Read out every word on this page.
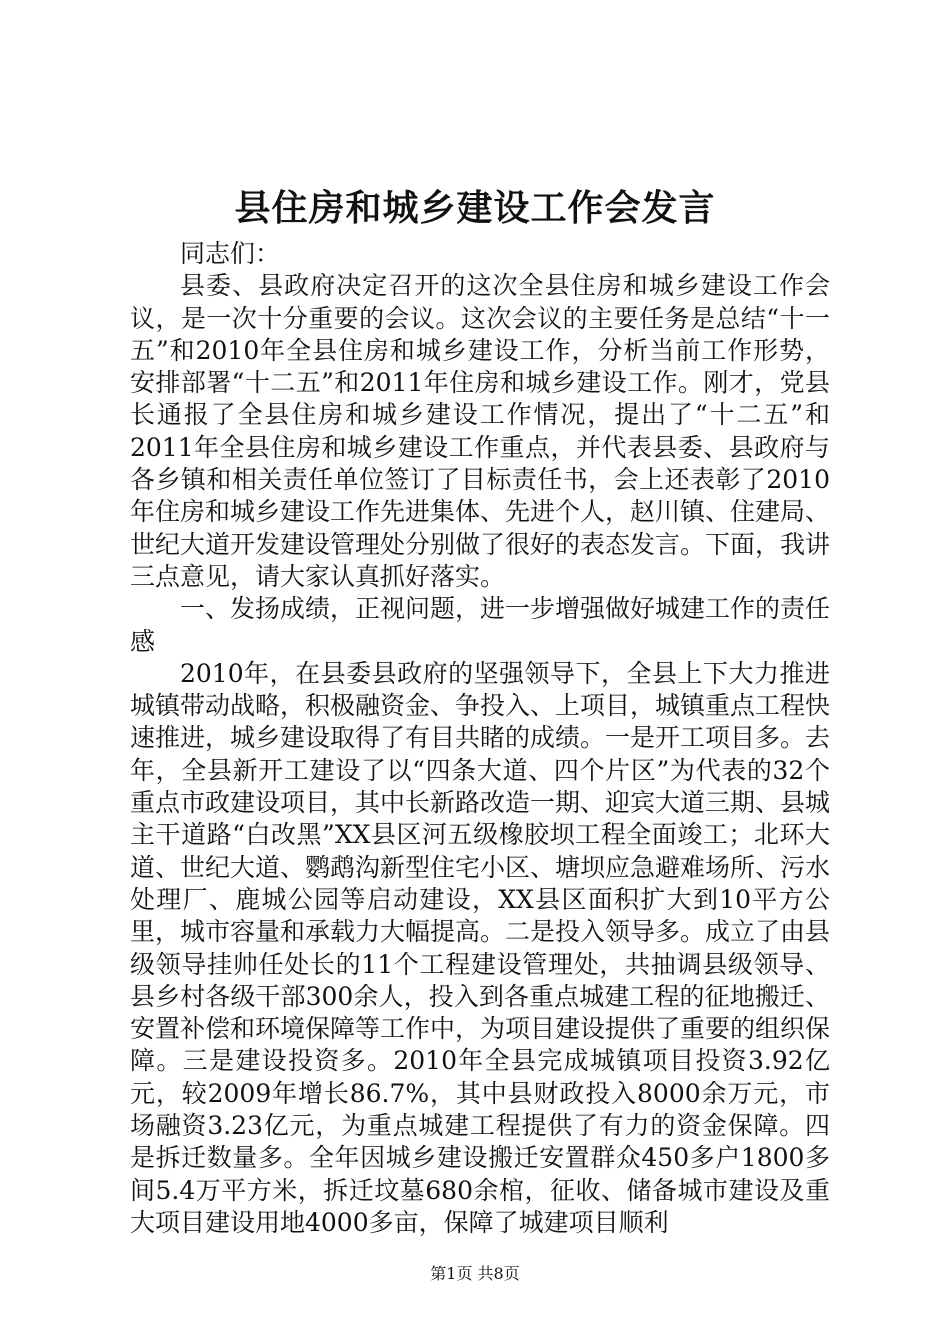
县住房和城乡建设工作会发言

同志们：

县委、县政府决定召开的这次全县住房和城乡建设工作会议，是一次十分重要的会议。这次会议的主要任务是总结“十一五”和2010年全县住房和城乡建设工作，分析当前工作形势，安排部署“十二五”和2011年住房和城乡建设工作。刚才，党县长通报了全县住房和城乡建设工作情况，提出了“十二五”和2011年全县住房和城乡建设工作重点，并代表县委、县政府与各乡镇和相关责任单位签订了目标责任书，会上还表彰了2010年住房和城乡建设工作先进集体、先进个人，赵川镇、住建局、世纪大道开发建设管理处分别做了很好的表态发言。下面，我讲三点意见，请大家认真抓好落实。

一、发扬成绩，正视问题，进一步增强做好城建工作的责任感

2010年，在县委县政府的坚强领导下，全县上下大力推进城镇带动战略，积极融资金、争投入、上项目，城镇重点工程快速推进，城乡建设取得了有目共睹的成绩。一是开工项目多。去年，全县新开工建设了以“四条大道、四个片区”为代表的32个重点市政建设项目，其中长新路改造一期、迎宾大道三期、县城主干道路“白改黑”XX县区河五级橡胶坝工程全面竣工；北环大道、世纪大道、鹦鹉沟新型住宅小区、塘坝应急避难场所、污水处理厂、鹿城公园等启动建设，XX县区面积扩大到10平方公里，城市容量和承载力大幅提高。二是投入领导多。成立了由县级领导挂帅任处长的11个工程建设管理处，共抽调县级领导、县乡村各级干部300余人，投入到各重点城建工程的征地搬迁、安置补偿和环境保障等工作中，为项目建设提供了重要的组织保障。三是建设投资多。2010年全县完成城镇项目投资3.92亿元，较2009年增长86.7%，其中县财政投入8000余万元，市场融资3.23亿元，为重点城建工程提供了有力的资金保障。四是拆迁数量多。全年因城乡建设搬迁安置群众450多户1800多间5.4万平方米，拆迁坟墓680余棺，征收、储备城市建设及重大项目建设用地4000多亩，保障了城建项目顺利

第1页 共8页
